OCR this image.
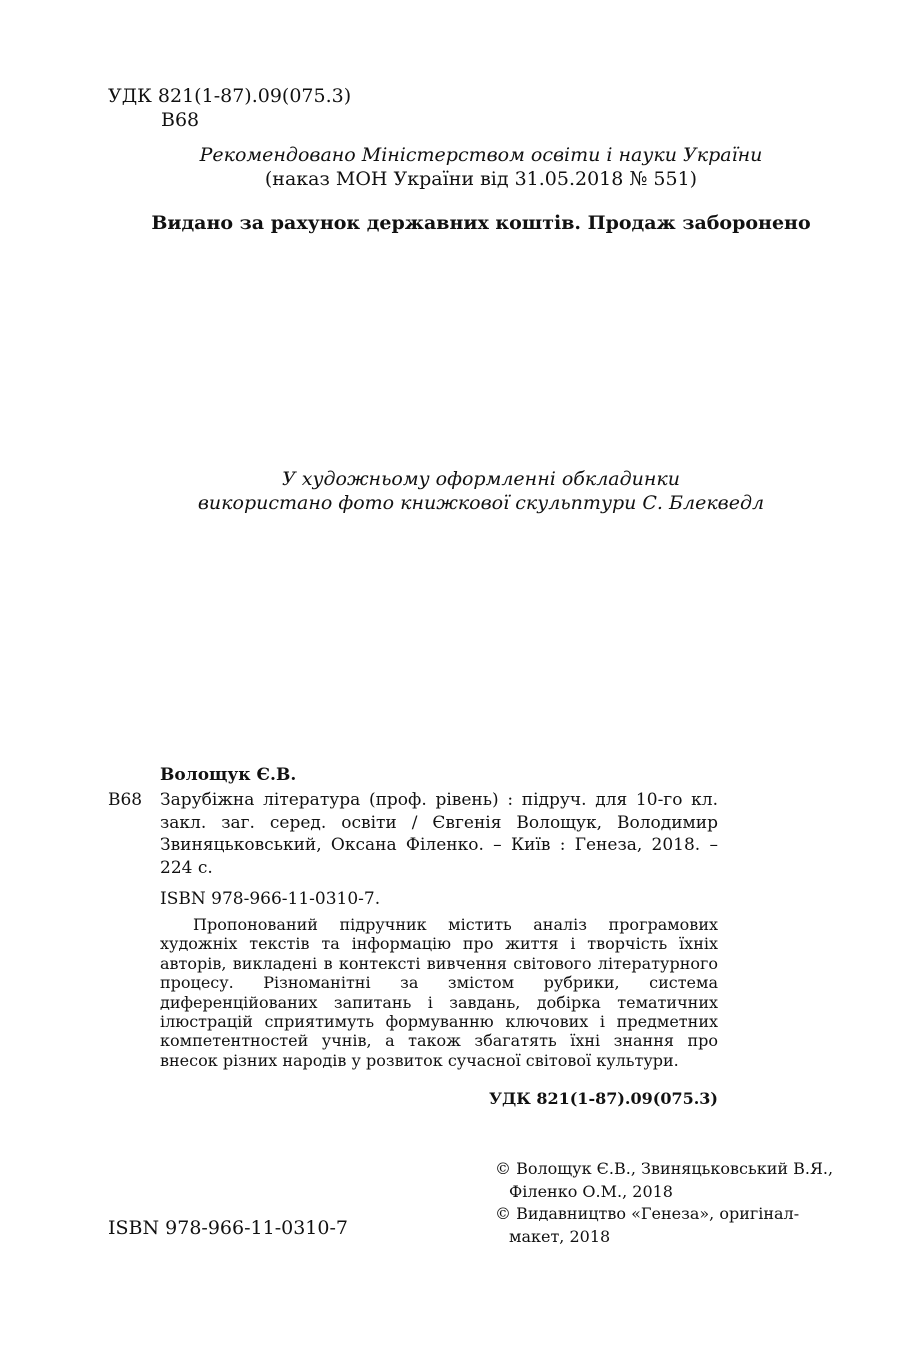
УДК 821(1-87).09(075.3)
В68
Рекомендовано Міністерством освіти і науки України
(наказ МОН України від 31.05.2018 № 551)
Видано за рахунок державних коштів. Продаж заборонено
У художньому оформленні обкладинки
використано фото книжкової скульптури С. Блекведл
Волощук Є.В.
В68 Зарубіжна література (проф. рівень) : підруч. для 10-го кл. закл. заг. серед. освіти / Євгенія Волощук, Володимир Звиняцьковський, Оксана Філенко. – Київ : Генеза, 2018. – 224 с.
ISBN 978-966-11-0310-7.
Пропонований підручник містить аналіз програмових художніх текстів та інформацію про життя і творчість їхніх авторів, викладені в контексті вивчення світового літературного процесу. Різноманітні за змістом рубрики, система диференційованих запитань і завдань, добірка тематичних ілюстрацій сприятимуть формуванню ключових і предметних компетентностей учнів, а також збагатять їхні знання про внесок різних народів у розвиток сучасної світової культури.
УДК 821(1-87).09(075.3)
ISBN 978-966-11-0310-7
© Волощук Є.В., Звиняцьковський В.Я.,
Філенко О.М., 2018
© Видавництво «Генеза», оригінал-
макет, 2018
